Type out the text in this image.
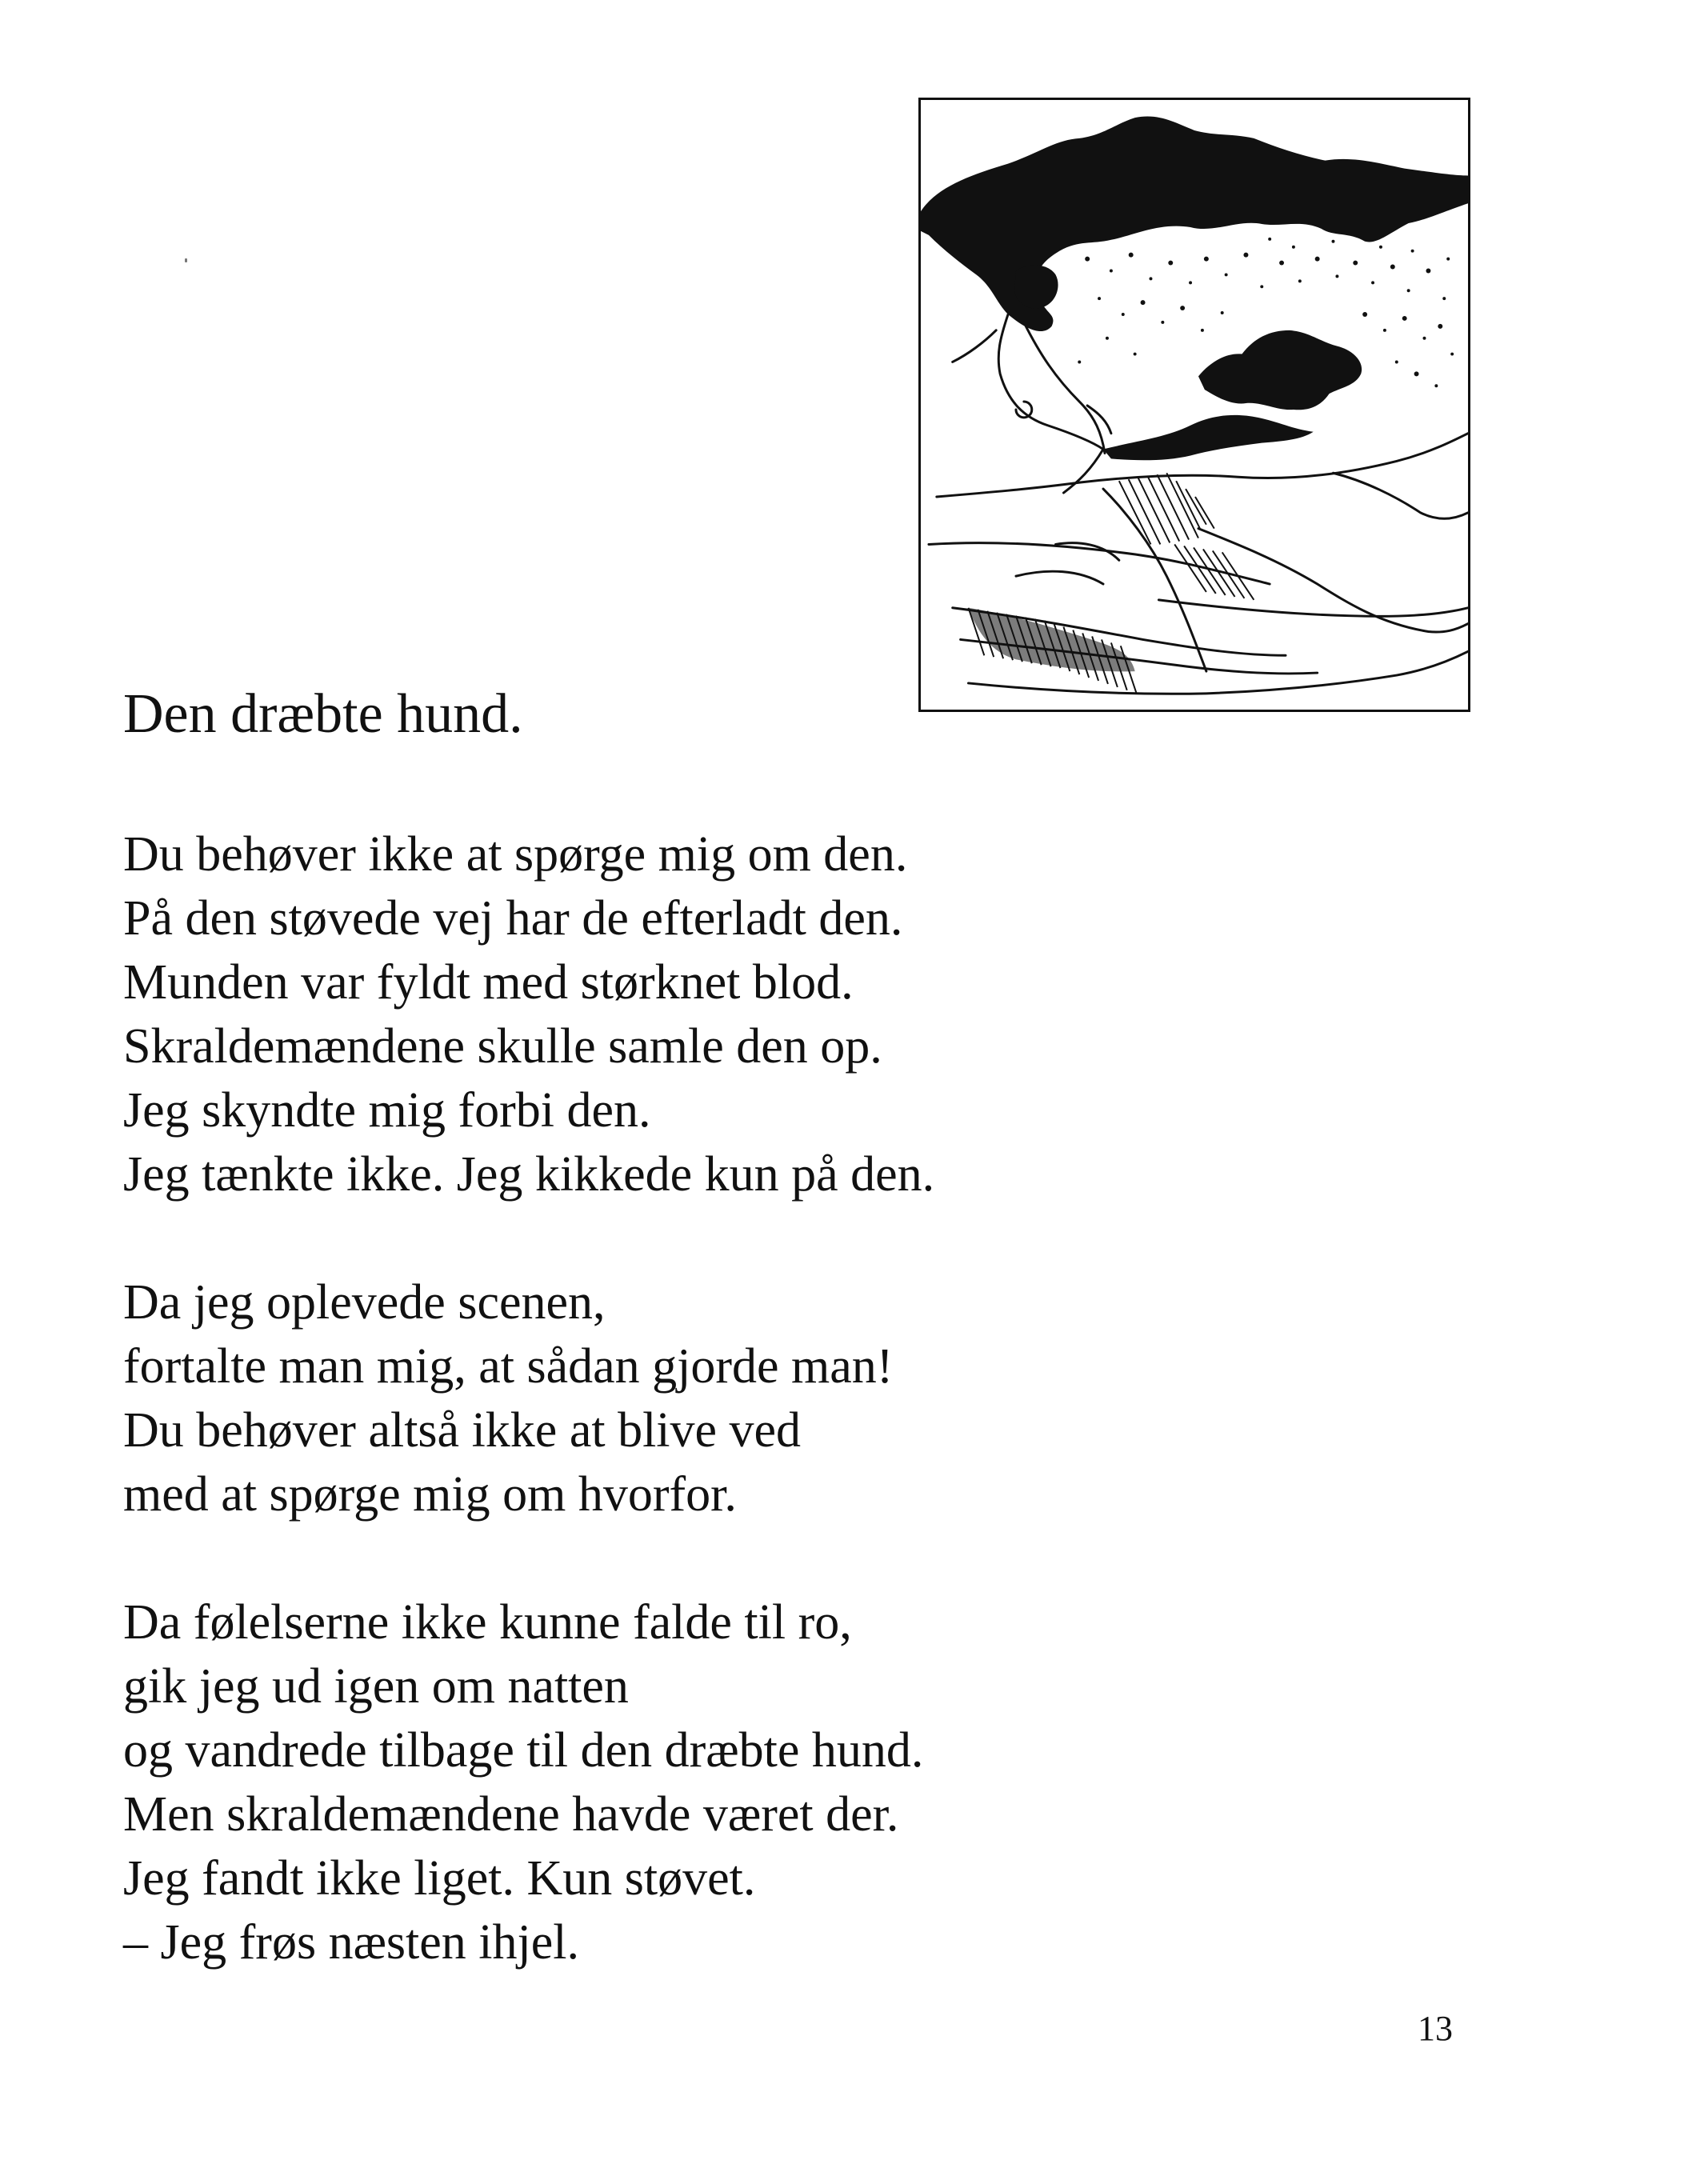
Den dræbte hund.
Du behøver ikke at spørge mig om den.
På den støvede vej har de efterladt den.
Munden var fyldt med størknet blod.
Skraldemændene skulle samle den op.
Jeg skyndte mig forbi den.
Jeg tænkte ikke. Jeg kikkede kun på den.
Da jeg oplevede scenen,
fortalte man mig, at sådan gjorde man!
Du behøver altså ikke at blive ved
med at spørge mig om hvorfor.
Da følelserne ikke kunne falde til ro,
gik jeg ud igen om natten
og vandrede tilbage til den dræbte hund.
Men skraldemændene havde været der.
Jeg fandt ikke liget. Kun støvet.
– Jeg frøs næsten ihjel.
13
